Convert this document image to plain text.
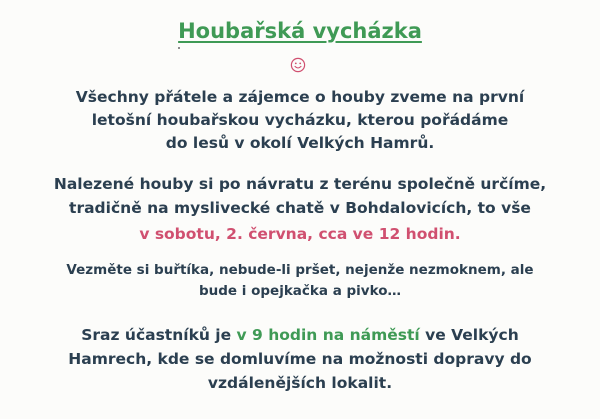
Houbařská vycházka
Všechny přátele a zájemce o houby zveme na první
letošní houbařskou vycházku, kterou pořádáme
do lesů v okolí Velkých Hamrů.
Nalezené houby si po návratu z terénu společně určíme,
tradičně na myslivecké chatě v Bohdalovicích, to vše
v sobotu, 2. června, cca ve 12 hodin.
Vezměte si buřtíka, nebude-li pršet, nejenže nezmoknem, ale
bude i opejkačka a pivko…
Sraz účastníků je v 9 hodin na náměstí ve Velkých
Hamrech, kde se domluvíme na možnosti dopravy do
vzdálenějších lokalit.
